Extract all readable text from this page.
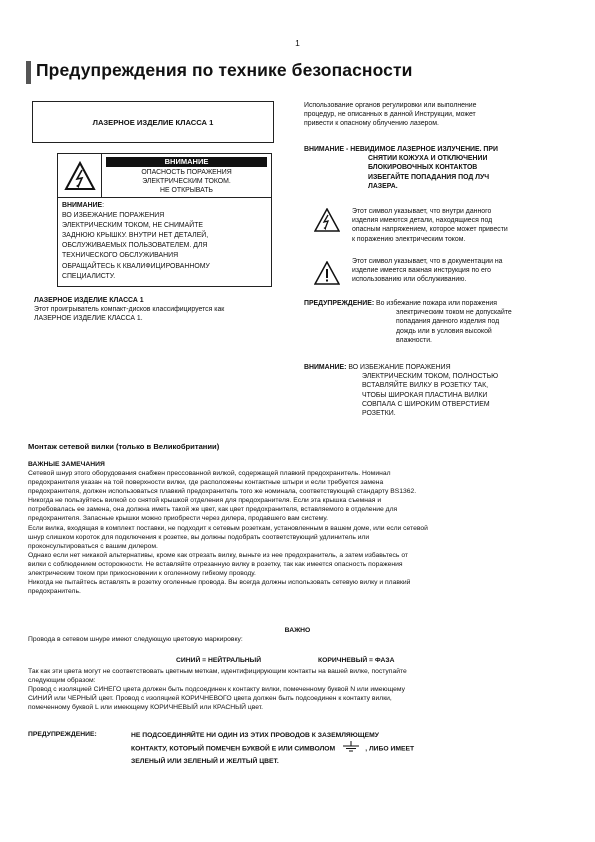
1
Предупреждения по технике безопасности
ЛАЗЕРНОЕ ИЗДЕЛИЕ КЛАССА 1
ВНИМАНИЕ
ОПАСНОСТЬ ПОРАЖЕНИЯ
ЭЛЕКТРИЧЕСКИМ ТОКОМ.
НЕ ОТКРЫВАТЬ
ВНИМАНИЕ:
ВО ИЗБЕЖАНИЕ ПОРАЖЕНИЯ
ЭЛЕКТРИЧЕСКИМ ТОКОМ, НЕ СНИМАЙТЕ
ЗАДНЮЮ КРЫШКУ. ВНУТРИ НЕТ ДЕТАЛЕЙ,
ОБСЛУЖИВАЕМЫХ ПОЛЬЗОВАТЕЛЕМ. ДЛЯ
ТЕХНИЧЕСКОГО ОБСЛУЖИВАНИЯ
ОБРАЩАЙТЕСЬ К КВАЛИФИЦИРОВАННОМУ
СПЕЦИАЛИСТУ.
ЛАЗЕРНОЕ ИЗДЕЛИЕ КЛАССА 1
Этот проигрыватель компакт-дисков классифицируется как
ЛАЗЕРНОЕ ИЗДЕЛИЕ КЛАССА 1.
Использование органов регулировки или выполнение
процедур, не описанных в данной Инструкции, может
привести к опасному облучению лазером.
ВНИМАНИЕ - НЕВИДИМОЕ ЛАЗЕРНОЕ ИЗЛУЧЕНИЕ. ПРИ
СНЯТИИ КОЖУХА И ОТКЛЮЧЕНИИ
БЛОКИРОВОЧНЫХ КОНТАКТОВ
ИЗБЕГАЙТЕ ПОПАДАНИЯ ПОД ЛУЧ
ЛАЗЕРА.
Этот символ указывает, что внутри данного
изделия имеются детали, находящиеся под
опасным напряжением, которое может привести
к поражению электрическим током.
Этот символ указывает, что в документации на
изделие имеется важная инструкция по его
использованию или обслуживанию.
ПРЕДУПРЕЖДЕНИЕ: Во избежание пожара или поражения
электрическим током не допускайте
попадания данного изделия под
дождь или в условия высокой
влажности.
ВНИМАНИЕ: ВО ИЗБЕЖАНИЕ ПОРАЖЕНИЯ
ЭЛЕКТРИЧЕСКИМ ТОКОМ, ПОЛНОСТЬЮ
ВСТАВЛЯЙТЕ ВИЛКУ В РОЗЕТКУ ТАК,
ЧТОБЫ ШИРОКАЯ ПЛАСТИНА ВИЛКИ
СОВПАЛА С ШИРОКИМ ОТВЕРСТИЕМ
РОЗЕТКИ.
Монтаж сетевой вилки (только в Великобритании)
ВАЖНЫЕ ЗАМЕЧАНИЯ
Сетевой шнур этого оборудования снабжен прессованной вилкой, содержащей плавкий предохранитель. Номинал
предохранителя указан на той поверхности вилки, где расположены контактные штыри и если требуется замена
предохранителя, должен использоваться плавкий предохранитель того же номинала, соответствующий стандарту BS1362.
Никогда не пользуйтесь вилкой со снятой крышкой отделения для предохранителя. Если эта крышка съемная и
потребовалась ее замена, она должна иметь такой же цвет, как цвет предохранителя, вставляемого в отделение для
предохранителя. Запасные крышки можно приобрести через дилера, продавшего вам систему.
Если вилка, входящая в комплект поставки, не подходит к сетевым розеткам, установленным в вашем доме, или если сетевой
шнур слишком короток для подключения к розетке, вы должны подобрать соответствующий удлинитель или
проконсультироваться с вашим дилером.
Однако если нет никакой альтернативы, кроме как отрезать вилку, выньте из нее предохранитель, а затем избавьтесь от
вилки с соблюдением осторожности. Не вставляйте отрезанную вилку в розетку, так как имеется опасность поражения
электрическим током при прикосновении к оголенному гибкому проводу.
Никогда не пытайтесь вставлять в розетку оголенные провода. Вы всегда должны использовать сетевую вилку и плавкий
предохранитель.
ВАЖНО
Провода в сетевом шнуре имеют следующую цветовую маркировку:
СИНИЙ = НЕЙТРАЛЬНЫЙ	КОРИЧНЕВЫЙ = ФАЗА
Так как эти цвета могут не соответствовать цветным меткам, идентифицирующим контакты на вашей вилке, поступайте
следующим образом:
Провод с изоляцией СИНЕГО цвета должен быть подсоединен к контакту вилки, помеченному буквой N или имеющему
СИНИЙ или ЧЕРНЫЙ цвет. Провод с изоляцией КОРИЧНЕВОГО цвета должен быть подсоединен к контакту вилки,
помеченному буквой L или имеющему КОРИЧНЕВЫЙ или КРАСНЫЙ цвет.
ПРЕДУПРЕЖДЕНИЕ:	НЕ ПОДСОЕДИНЯЙТЕ НИ ОДИН ИЗ ЭТИХ ПРОВОДОВ К ЗАЗЕМЛЯЮЩЕМУ
КОНТАКТУ, КОТОРЫЙ ПОМЕЧЕН БУКВОЙ Е ИЛИ СИМВОЛОМ	, ЛИБО ИМЕЕТ
ЗЕЛЕНЫЙ ИЛИ ЗЕЛЕНЫЙ И ЖЕЛТЫЙ ЦВЕТ.
